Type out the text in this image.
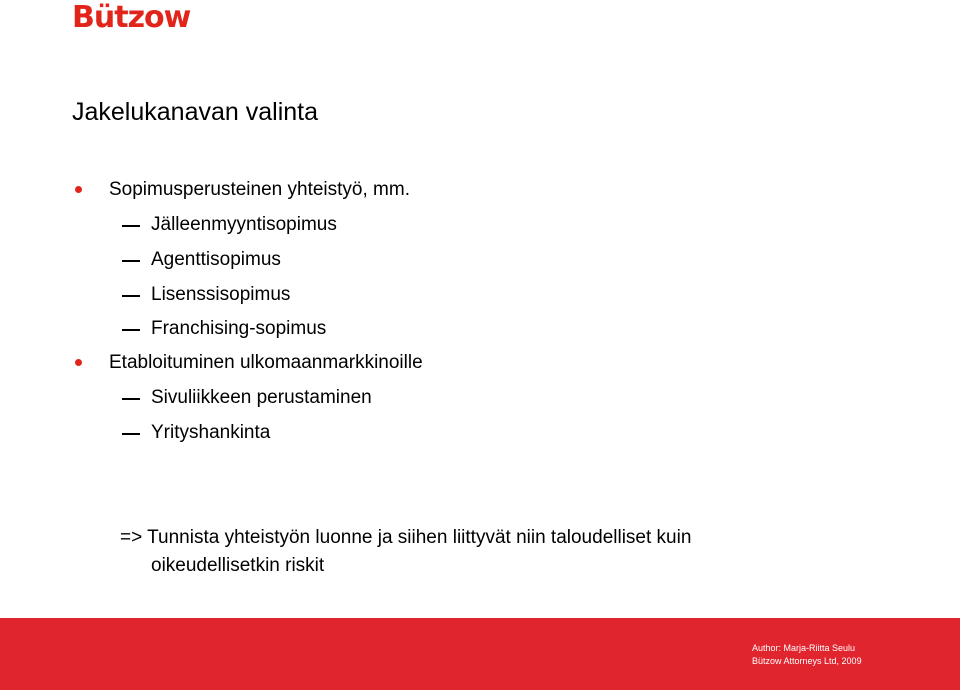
Bützow
Jakelukanavan valinta
Sopimusperusteinen yhteistyö, mm.
Jälleenmyyntisopimus
Agenttisopimus
Lisenssisopimus
Franchising-sopimus
Etabloituminen ulkomaanmarkkinoille
Sivuliikkeen perustaminen
Yrityshankinta
=> Tunnista yhteistyön luonne ja siihen liittyvät niin taloudelliset kuin
oikeudellisetkin riskit
Author: Marja-Riitta Seulu
Bützow Attorneys Ltd, 2009
